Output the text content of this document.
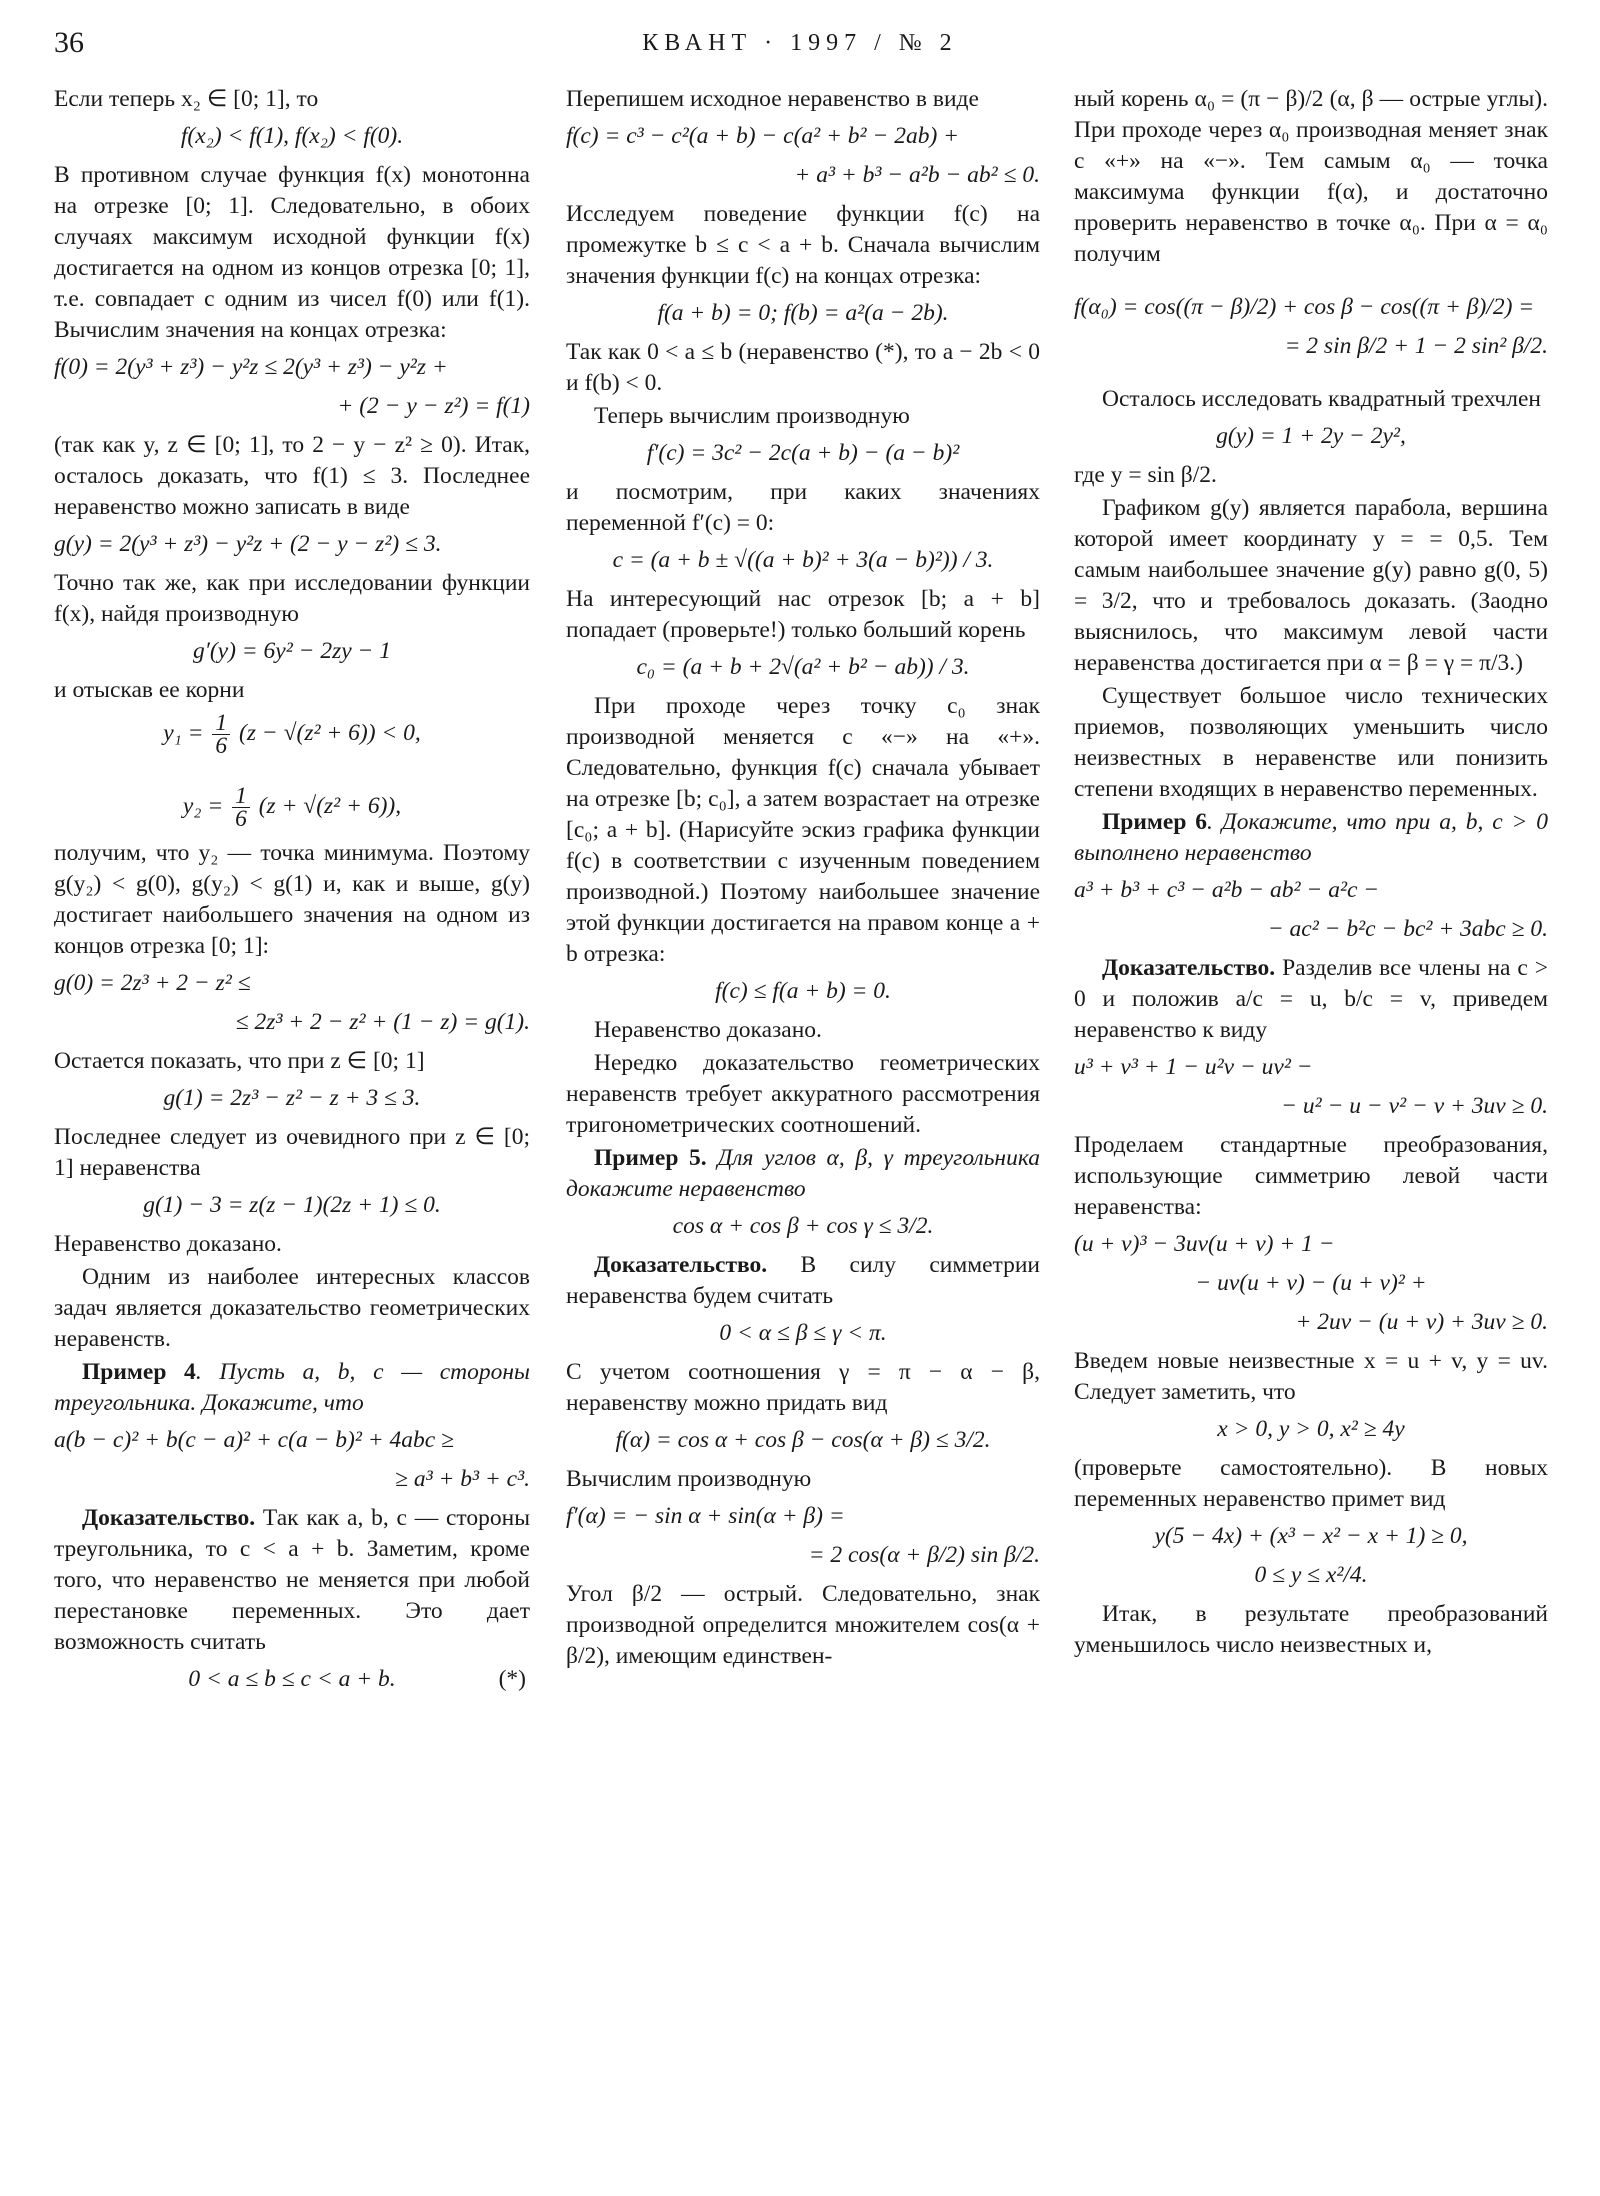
36	КВАНТ · 1997 / № 2

Если теперь x₂ ∈ [0; 1], то

f(x₂) < f(1), f(x₂) < f(0).

В противном случае функция f(x) монотонна на отрезке [0; 1]. Следовательно, в обоих случаях максимум исходной функции f(x) достигается на одном из концов отрезка [0; 1], т.е. совпадает с одним из чисел f(0) или f(1). Вычислим значения на концах отрезка:

f(0) = 2(y³ + z³) − y²z ≤ 2(y³ + z³) − y²z +
+ (2 − y − z²) = f(1)

(так как y, z ∈ [0; 1], то 2 − y − z² ≥ 0). Итак, осталось доказать, что f(1) ≤ 3. Последнее неравенство можно записать в виде

g(y) = 2(y³ + z³) − y²z + (2 − y − z²) ≤ 3.

Точно так же, как при исследовании функции f(x), найдя производную

g′(y) = 6y² − 2zy − 1

и отыскав ее корни

$y_1 = \frac{1}{6} (z - √(z^2 + 6)) < 0$,
$y_2 = \frac{1}{6} (z + √(z^2 + 6))$,

получим, что y₂ — точка минимума. Поэтому g(y₂) < g(0), g(y₂) < g(1) и, как и выше, g(y) достигает наибольшего значения на одном из концов отрезка [0; 1]:

g(0) = 2z³ + 2 − z² ≤
≤ 2z³ + 2 − z² + (1 − z) = g(1).

Остается показать, что при z ∈ [0; 1]

g(1) = 2z³ − z² − z + 3 ≤ 3.

Последнее следует из очевидного при z ∈ [0; 1] неравенства

g(1) − 3 = z(z − 1)(2z + 1) ≤ 0.

Неравенство доказано.

Одним из наиболее интересных классов задач является доказательство геометрических неравенств.

Пример 4. Пусть a, b, c — стороны треугольника. Докажите, что

a(b − c)² + b(c − a)² + c(a − b)² + 4abc ≥
≥ a³ + b³ + c³.

Доказательство. Так как a, b, c — стороны треугольника, то c < a + b. Заметим, кроме того, что неравенство не меняется при любой перестановке переменных. Это дает возможность считать

0 < a ≤ b ≤ c < a + b.	(*)

Перепишем исходное неравенство в виде

f(c) = c³ − c²(a + b) − c(a² + b² − 2ab) +
+ a³ + b³ − a²b − ab² ≤ 0.

Исследуем поведение функции f(c) на промежутке b ≤ c < a + b. Сначала вычислим значения функции f(c) на концах отрезка:

f(a + b) = 0; f(b) = a²(a − 2b).

Так как 0 < a ≤ b (неравенство (*), то a − 2b < 0 и f(b) < 0.

Теперь вычислим производную

f′(c) = 3c² − 2c(a + b) − (a − b)²

и посмотрим, при каких значениях переменной f′(c) = 0:

c = (a + b ± √((a + b)² + 3(a − b)²)) / 3.

На интересующий нас отрезок [b; a + b] попадает (проверьте!) только больший корень

c₀ = (a + b + 2√(a² + b² − ab)) / 3.

При проходе через точку c₀ знак производной меняется с «−» на «+». Следовательно, функция f(c) сначала убывает на отрезке [b; c₀], а затем возрастает на отрезке [c₀; a + b]. (Нарисуйте эскиз графика функции f(c) в соответствии с изученным поведением производной.) Поэтому наибольшее значение этой функции достигается на правом конце a + b отрезка:

f(c) ≤ f(a + b) = 0.

Неравенство доказано.

Нередко доказательство геометрических неравенств требует аккуратного рассмотрения тригонометрических соотношений.

Пример 5. Для углов α, β, γ треугольника докажите неравенство

cos α + cos β + cos γ ≤ 3/2.

Доказательство. В силу симметрии неравенства будем считать

0 < α ≤ β ≤ γ < π.

С учетом соотношения γ = π − α − β, неравенству можно придать вид

f(α) = cos α + cos β − cos(α + β) ≤ 3/2.

Вычислим производную

f′(α) = − sin α + sin(α + β) =
= 2 cos(α + β/2) sin β/2.

Угол β/2 — острый. Следовательно, знак производной определится множителем cos(α + β/2), имеющим единствен-

ный корень α₀ = (π − β)/2 (α, β — острые углы). При проходе через α₀ производная меняет знак с «+» на «−». Тем самым α₀ — точка максимума функции f(α), и достаточно проверить неравенство в точке α₀. При α = α₀ получим

f(α₀) = cos((π − β)/2) + cos β − cos((π + β)/2) =
= 2 sin β/2 + 1 − 2 sin² β/2.

Осталось исследовать квадратный трехчлен

g(y) = 1 + 2y − 2y²,

где y = sin β/2.

Графиком g(y) является парабола, вершина которой имеет координату y = = 0,5. Тем самым наибольшее значение g(y) равно g(0, 5) = 3/2, что и требовалось доказать. (Заодно выяснилось, что максимум левой части неравенства достигается при α = β = γ = π/3.)

Существует большое число технических приемов, позволяющих уменьшить число неизвестных в неравенстве или понизить степени входящих в неравенство переменных.

Пример 6. Докажите, что при a, b, c > 0 выполнено неравенство

a³ + b³ + c³ − a²b − ab² − a²c −
− ac² − b²c − bc² + 3abc ≥ 0.

Доказательство. Разделив все члены на c > 0 и положив a/c = u, b/c = v, приведем неравенство к виду

u³ + v³ + 1 − u²v − uv² −
− u² − u − v² − v + 3uv ≥ 0.

Проделаем стандартные преобразования, использующие симметрию левой части неравенства:

(u + v)³ − 3uv(u + v) + 1 −
− uv(u + v) − (u + v)² +
+ 2uv − (u + v) + 3uv ≥ 0.

Введем новые неизвестные x = u + v, y = uv. Следует заметить, что

x > 0, y > 0, x² ≥ 4y

(проверьте самостоятельно). В новых переменных неравенство примет вид

y(5 − 4x) + (x³ − x² − x + 1) ≥ 0,
0 ≤ y ≤ x²/4.

Итак, в результате преобразований уменьшилось число неизвестных и,
